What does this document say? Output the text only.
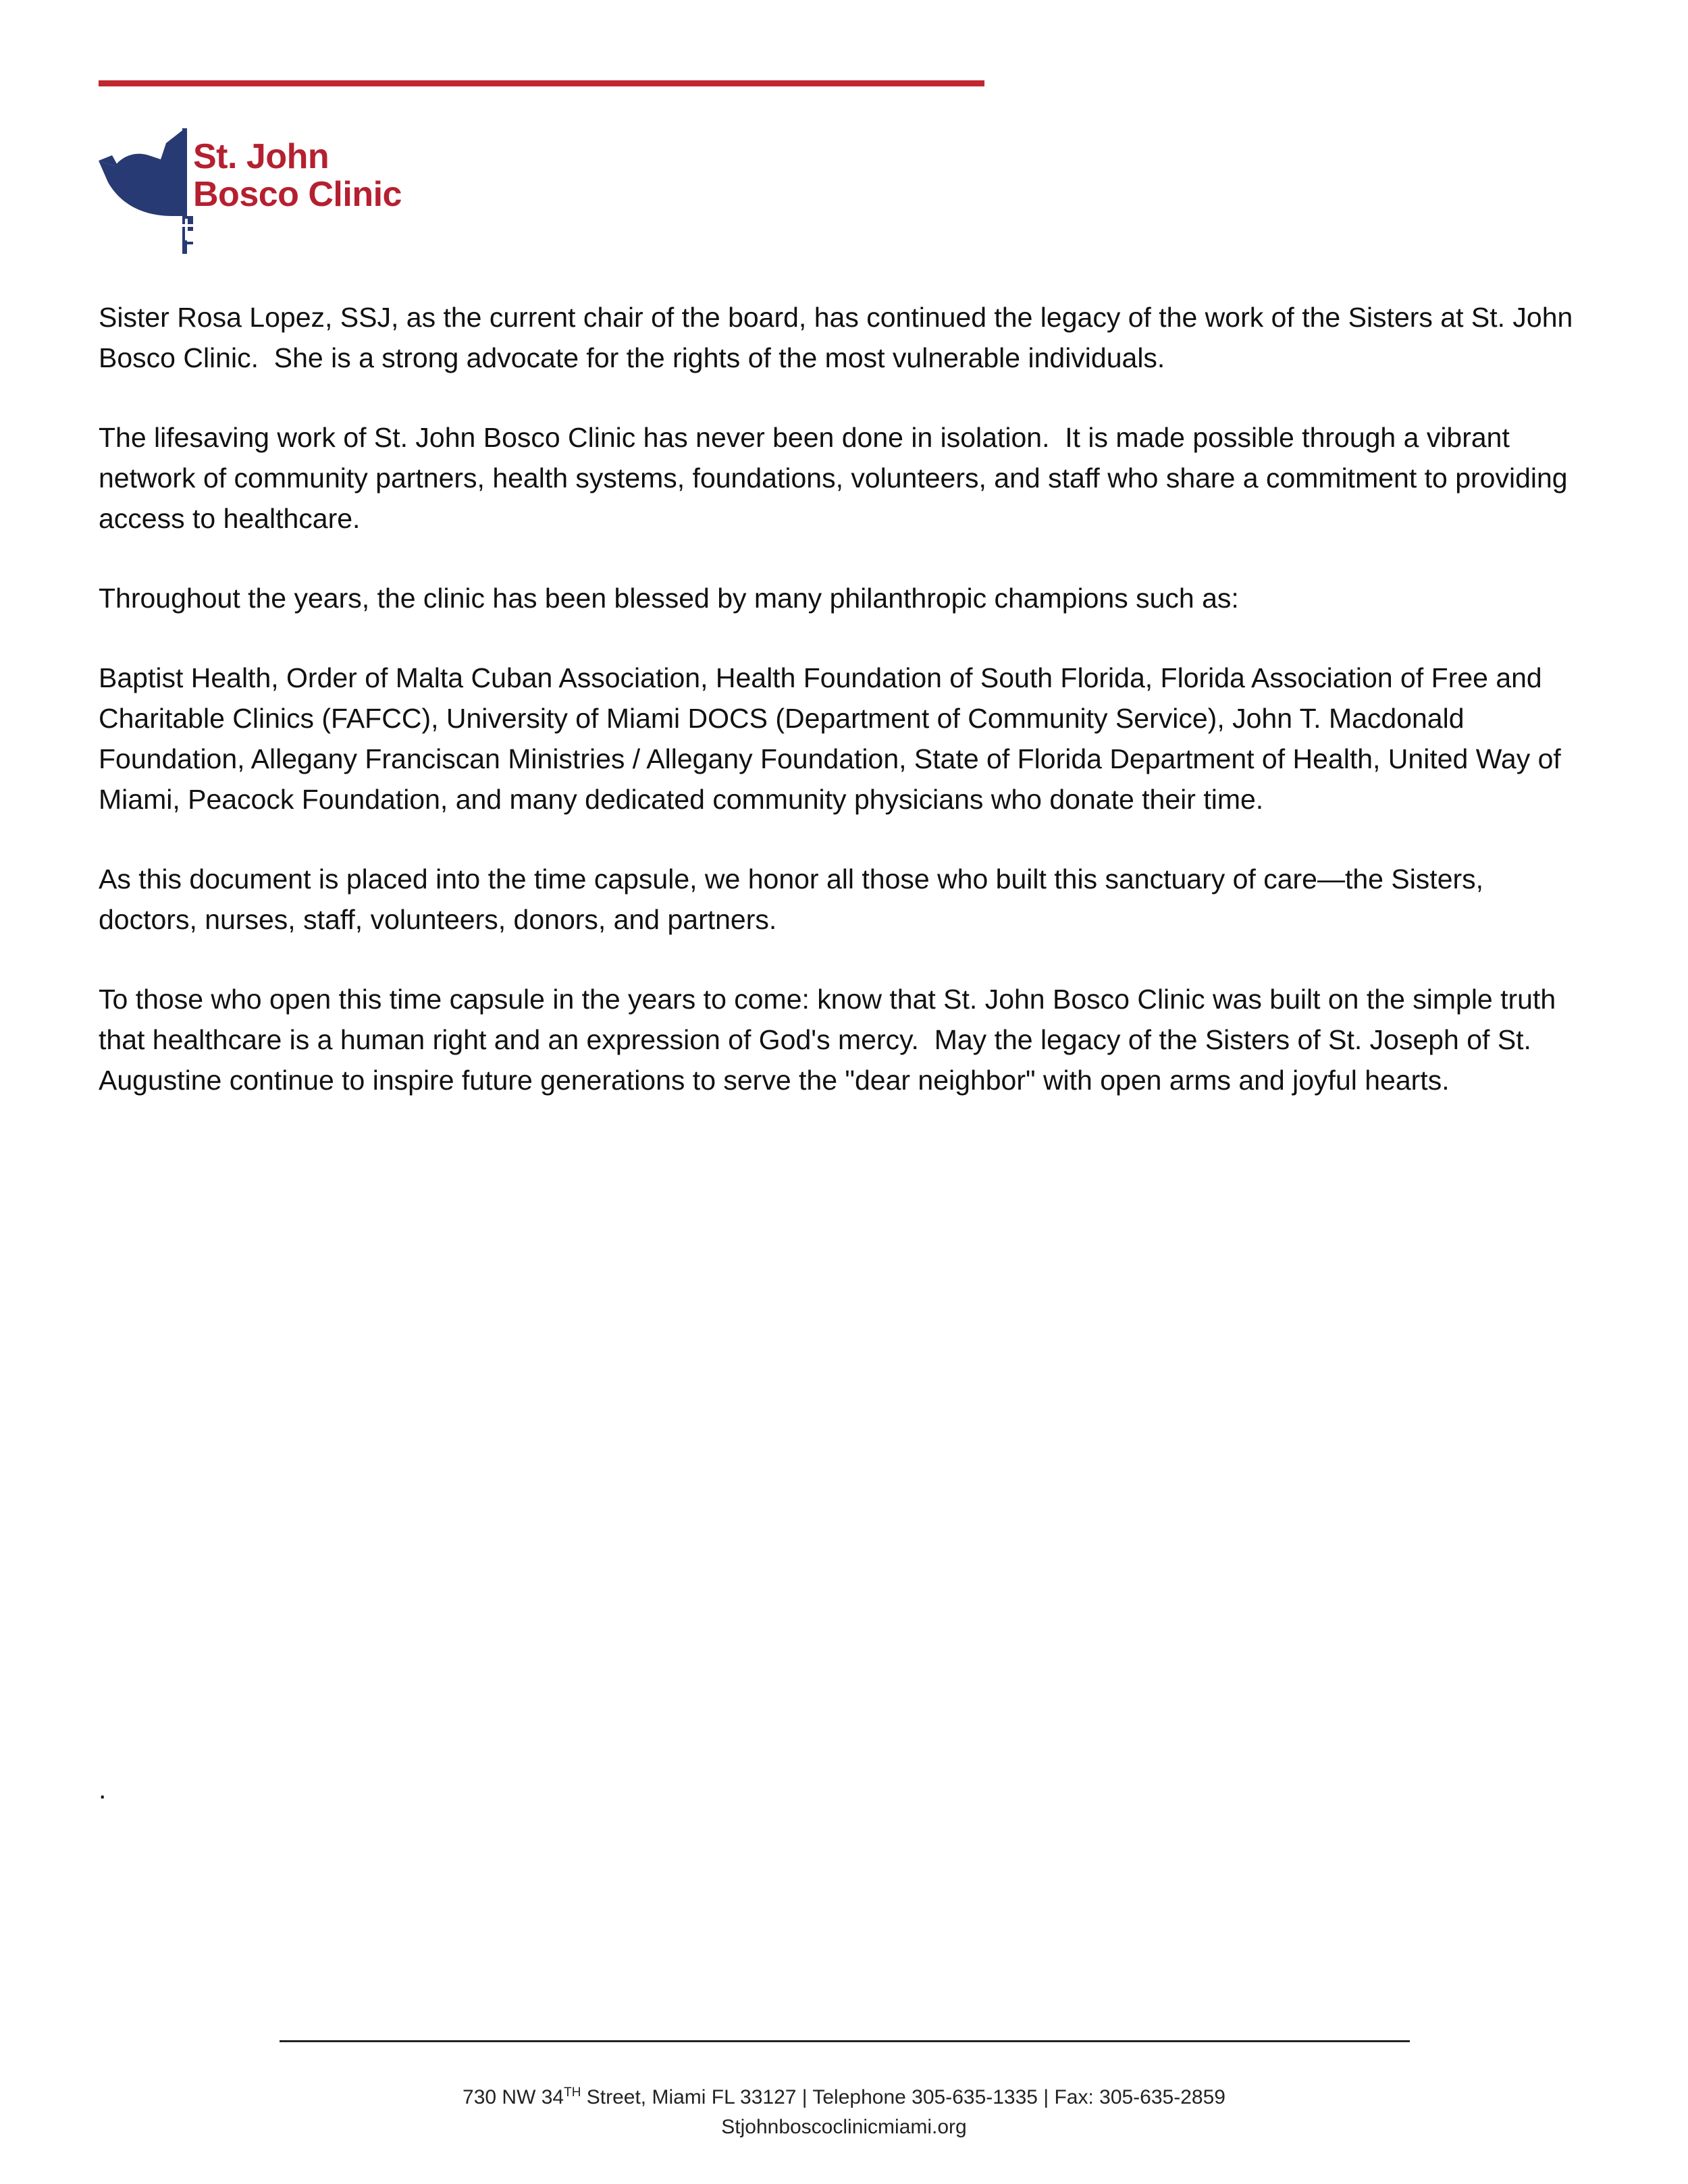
St. John
Bosco Clinic

Sister Rosa Lopez, SSJ, as the current chair of the board, has continued the legacy of the work of the Sisters at St. John Bosco Clinic.  She is a strong advocate for the rights of the most vulnerable individuals.

The lifesaving work of St. John Bosco Clinic has never been done in isolation.  It is made possible through a vibrant network of community partners, health systems, foundations, volunteers, and staff who share a commitment to providing access to healthcare.

Throughout the years, the clinic has been blessed by many philanthropic champions such as:

Baptist Health, Order of Malta Cuban Association, Health Foundation of South Florida, Florida Association of Free and Charitable Clinics (FAFCC), University of Miami DOCS (Department of Community Service), John T. Macdonald Foundation, Allegany Franciscan Ministries / Allegany Foundation, State of Florida Department of Health, United Way of Miami, Peacock Foundation, and many dedicated community physicians who donate their time.

As this document is placed into the time capsule, we honor all those who built this sanctuary of care—the Sisters, doctors, nurses, staff, volunteers, donors, and partners.

To those who open this time capsule in the years to come: know that St. John Bosco Clinic was built on the simple truth that healthcare is a human right and an expression of God's mercy.  May the legacy of the Sisters of St. Joseph of St. Augustine continue to inspire future generations to serve the "dear neighbor" with open arms and joyful hearts.

.
730 NW 34TH Street, Miami FL 33127 | Telephone 305-635-1335 | Fax: 305-635-2859
Stjohnboscoclinicmiami.org
